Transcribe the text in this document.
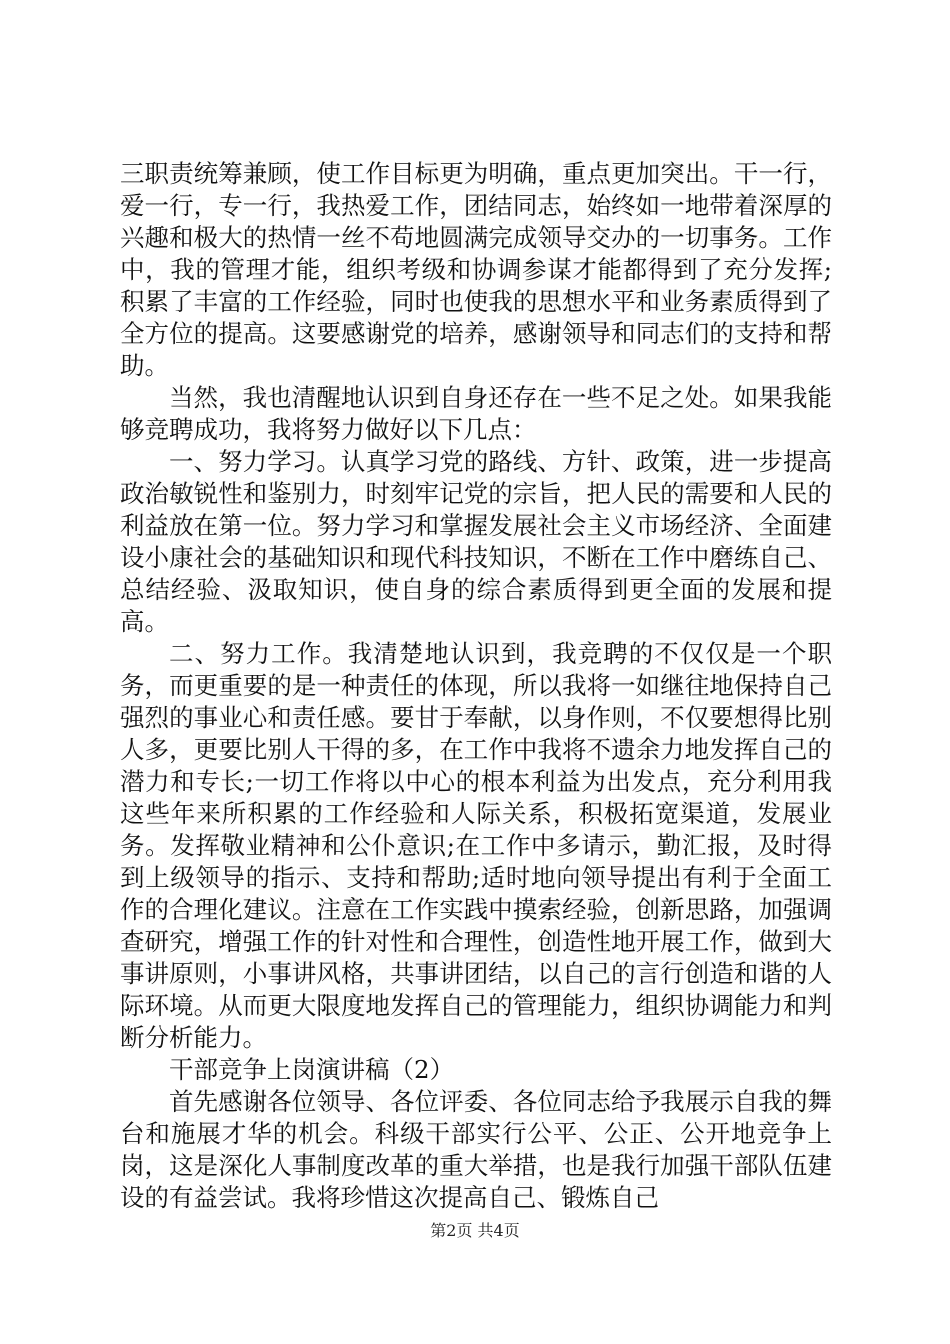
三职责统筹兼顾，使工作目标更为明确，重点更加突出。干一行，爱一行，专一行，我热爱工作，团结同志，始终如一地带着深厚的兴趣和极大的热情一丝不苟地圆满完成领导交办的一切事务。工作中，我的管理才能，组织考级和协调参谋才能都得到了充分发挥;积累了丰富的工作经验，同时也使我的思想水平和业务素质得到了全方位的提高。这要感谢党的培养，感谢领导和同志们的支持和帮助。

当然，我也清醒地认识到自身还存在一些不足之处。如果我能够竞聘成功，我将努力做好以下几点：

一、努力学习。认真学习党的路线、方针、政策，进一步提高政治敏锐性和鉴别力，时刻牢记党的宗旨，把人民的需要和人民的利益放在第一位。努力学习和掌握发展社会主义市场经济、全面建设小康社会的基础知识和现代科技知识，不断在工作中磨练自己、总结经验、汲取知识，使自身的综合素质得到更全面的发展和提高。

二、努力工作。我清楚地认识到，我竞聘的不仅仅是一个职务，而更重要的是一种责任的体现，所以我将一如继往地保持自己强烈的事业心和责任感。要甘于奉献，以身作则，不仅要想得比别人多，更要比别人干得的多，在工作中我将不遗余力地发挥自己的潜力和专长;一切工作将以中心的根本利益为出发点，充分利用我这些年来所积累的工作经验和人际关系，积极拓宽渠道，发展业务。发挥敬业精神和公仆意识;在工作中多请示，勤汇报，及时得到上级领导的指示、支持和帮助;适时地向领导提出有利于全面工作的合理化建议。注意在工作实践中摸索经验，创新思路，加强调查研究，增强工作的针对性和合理性，创造性地开展工作，做到大事讲原则，小事讲风格，共事讲团结，以自己的言行创造和谐的人际环境。从而更大限度地发挥自己的管理能力，组织协调能力和判断分析能力。

干部竞争上岗演讲稿（2）

首先感谢各位领导、各位评委、各位同志给予我展示自我的舞台和施展才华的机会。科级干部实行公平、公正、公开地竞争上岗，这是深化人事制度改革的重大举措，也是我行加强干部队伍建设的有益尝试。我将珍惜这次提高自己、锻炼自己

第2页 共4页
